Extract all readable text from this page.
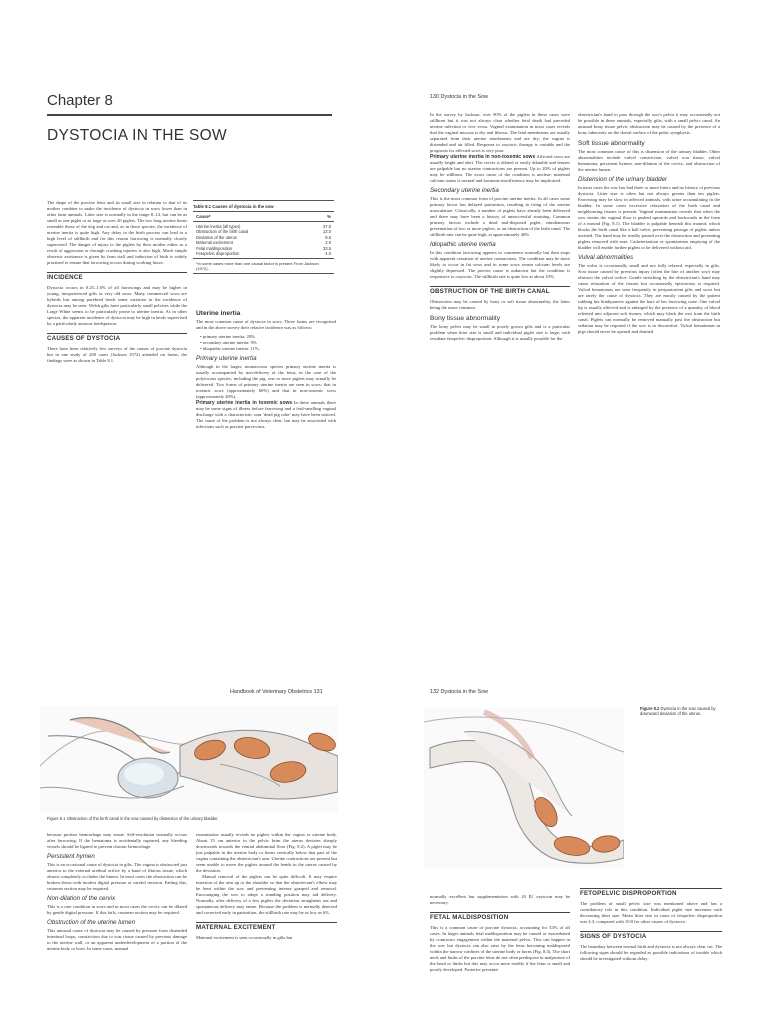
Chapter 8
DYSTOCIA IN THE SOW

The shape of the porcine fetus and its small size in relation to that of its mother combine to make the incidence of dystocia in sows lower than in other farm animals. Litter size is normally in the range 8–14, but can be as small as one piglet or as large as over 20 piglets. The two long uterine horns resemble those of the dog and cat and, as in those species, the incidence of uterine inertia is quite high. Any delay in the birth process can lead to a high level of stillbirth and for this reason farrowing is normally closely supervised. The danger of injury to the piglets by their mother either as a result of aggression or through crushing injuries is also high. Much simple obstetric assistance is given by farm staff and induction of birth is widely practised to ensure that farrowing occurs during working hours.

INCIDENCE

Dystocia occurs in 0.25–1.0% of all farrowings and may be higher in young, inexperienced gilts or very old sows. Many commercial sows are hybrids but among purebred herds some variation in the incidence of dystocia may be seen. Welsh gilts have particularly small pelvises while the Large White seems to be particularly prone to uterine inertia. As in other species, the apparent incidence of dystocia may be high in herds supervised by a particularly anxious herdsperson.

CAUSES OF DYSTOCIA

There have been relatively few surveys of the causes of porcine dystocia but in one study of 200 cases (Jackson 1972) attended on farms, the findings were as shown in Table 8.1.

Table 8.1 Causes of dystocia in the sow
Cause*	%
Uterine inertia (all types)	37.0
Obstruction of the birth canal	13.0
Deviation of the uterus	9.5
Maternal excitement	3.0
Fetal maldisposition	33.5
Fetopelvic disproportion	4.0
*In some cases more than one causal factor is present From Jackson (1972).
Uterine inertia

The most common cause of dystocia in sows. Three forms are recognised and in the above survey their relative incidence was as follows:

• primary uterine inertia: 20%
• secondary uterine inertia: 9%
• idiopathic uterine inertia: 11%.
Primary uterine inertia

Although in the larger, monotocous species primary uterine inertia is usually accompanied by non-delivery of the fetus, in the case of the polytocous species, including the pig, one or more piglets may actually be delivered. Two forms of primary uterine inertia are seen in sows: that in toxemic sows (approximately 60%) and that in non-toxemic sows (approximately 40%).

Primary uterine inertia in toxemic sows In these animals there may be some signs of illness before farrowing and a foul-smelling vaginal discharge with a characteristic sour 'dead pig odor' may have been noticed. The cause of the problem is not always clear, but may be associated with infections such as porcine parvovirus.

130 Dystocia in the Sow

In the survey by Jackson, over 90% of the piglets in these cases were stillborn but it was not always clear whether fetal death had preceded uterine infection or vice versa. Vaginal examination in most cases reveals that the vaginal mucosa is dry and fibrous. The fetal membranes are usually separated from their uterine attachments and are dry; the vagina is distended and air filled. Response to oxytocic therapy is variable and the prognosis for affected sows is very poor.

Primary uterine inertia in non-toxemic sows Affected sows are usually bright and alert. The cervix is dilated or easily dilatable and fetuses are palpable but no uterine contractions are present. Up to 20% of piglets may be stillborn. The exact cause of the condition is unclear: maternal calcium status is normal and hormone insufficiency may be implicated.

Secondary uterine inertia

This is the most common form of porcine uterine inertia. In all cases some primary factor has delayed parturition, resulting in tiring of the uterine musculature. Classically, a number of piglets have already been delivered and there may have been a history of unsuccessful straining. Common primary factors include a dead mal-disposed piglet, simultaneous presentation of two or more piglets, or an obstruction of the birth canal. The stillbirth rate can be quite high, at approximately 40%.

Idiopathic uterine inertia

In this condition farrowing appears to commence normally but then stops with apparent cessation of uterine contractions. The condition may be more likely to occur in fat sows and in some sows serum calcium levels are slightly depressed. The precise cause is unknown but the condition is responsive to oxytocin. The stillbirth rate is quite low at about 10%.

OBSTRUCTION OF THE BIRTH CANAL

Obstruction may be caused by bony or soft tissue abnormality, the latter being the more common.

Bony tissue abnormality

The bony pelvis may be small in poorly grown gilts and is a particular problem when litter size is small and individual piglet size is large, with resultant fetopelvic disproportion. Although it is usually possible for the

obstetrician's hand to pass through the sow's pelvis it may occasionally not be possible in these animals, especially gilts, with a small pelvic canal. An unusual bony tissue pelvic obstruction may be caused by the presence of a bony tuberosity on the dorsal surface of the pubic symphysis.

Soft tissue abnormality

The most common cause of this is distension of the urinary bladder. Other abnormalities include vulval constriction, vulval scar tissue, vulval hematoma, persistent hymen, non-dilation of the cervix, and obstruction of the uterine lumen.

Distension of the urinary bladder

In most cases the sow has had three or more litters and no history of previous dystocia. Litter size is often but not always greater than ten piglets. Farrowing may be slow in affected animals, with urine accumulating in the bladder. In some cases excessive relaxation of the birth canal and neighbouring tissues is present. Vaginal examination reveals that when the sow strains the vaginal floor is pushed upwards and backwards in the form of a mound (Fig. 8.1). The bladder is palpable beneath this mound, which blocks the birth canal like a ball valve, preventing passage of piglets unless assisted. The hand may be readily passed over the obstruction and presenting piglets removed with ease. Catheterization or spontaneous emptying of the bladder will enable further piglets to be delivered without aid.

Vulval abnormalities

The vulva is occasionally small and not fully relaxed, especially in gilts. Scar tissue caused by previous injury (often the bite of another sow) may obstruct the vulval orifice. Gentle stretching by the obstetrician's hand may cause relaxation of the tissues but occasionally episiotomy is required. Vulval hematomas are seen frequently in periparturient gilts and sows but are rarely the cause of dystocia. They are mostly caused by the patient rubbing her hindquarters against the bars of her farrowing crate. One vulval lip is usually affected and is enlarged by the presence of a quantity of blood released into adjacent soft tissues, which may black the exit from the birth canal. Piglets can normally be removed manually past the obstruction but sedation may be required if the sow is in discomfort. Vulval hematomas in pigs should never be opened and drained

Handbook of Veterinary Obstetrics 131
Figure 8.1 Obstruction of the birth canal in the sow caused by distension of the urinary bladder.

because profuse hemorrhage may ensue. Self-resolution normally occurs after farrowing. If the hematoma is accidentally ruptured, any bleeding vessels should be ligated to prevent chronic hemorrhage.

Persistent hymen

This is an occasional cause of dystocia in gilts. The vagina is obstructed just anterior to the external urethral orifice by a band of fibrous tissue, which almost completely occludes the lumen. In most cases the obstruction can be broken down with modest digital pressure or careful incision. Failing this, cesarean section may be required.

Non-dilation of the cervix

This is a rare condition in sows and in most cases the cervix can be dilated by gentle digital pressure. If this fails, cesarean section may be required.

Obstruction of the uterine lumen

This unusual cause of dystocia may be caused by pressure from distended intestinal loops, constriction due to scar tissue caused by previous damage to the uterine wall, or an apparent underdevelopment of a portion of the uterine body or horn. In some cases, manual

examination usually reveals no piglets within the vagina or uterine body. About 15 cm anterior to the pelvic brim the uterus deviates sharply downwards towards the ventral abdominal floor (Fig. 8.2). A piglet may be just palpable in the uterine body or horns vertically below that part of the vagina containing the obstetrician's arm. Uterine contractions are present but seem unable to move the piglets around the bends in the uterus caused by the deviation.

Manual removal of the piglets can be quite difficult. It may require insertion of the arm up to the shoulder so that the obstetrician's elbow may be bent within the sow and preventing intense grasped and removal. Encouraging the sow to adopt a standing position may aid delivery. Normally, after delivery of a few piglets the deviation straightens out and spontaneous delivery may ensue. Because the problem is normally detected and corrected early in parturition, the stillbirth rate may be as low as 6%.

MATERNAL EXCITEMENT

Maternal excitement is seen occasionally in gilts but

132 Dystocia in the Sow
Figure 8.2 Dystocia in the sow caused by downward deviation of the uterus.

normally excellent but supplementation with 20 IU oxytocin may be necessary.

FETAL MALDISPOSITION

This is a common cause of porcine dystocia, accounting for 33% of all cases. In larger animals fetal maldisposition may be caused or exacerbated by contractor engagement within the maternal pelvis. This can happen in the sow but dystocia can also arise by the fetus becoming maldisposed within the narrow confines of the uterine body or horns (Fig. 8.3). The short neck and limbs of the porcine fetus do not often predispose to malposture of the head or limbs but this may occur more readily if the fetus is small and poorly developed. Posterior presenta-

FETOPELVIC DISPROPORTION

The problem of small pelvic size was mentioned above and has a contributory role in this condition. Individual piglet size increases with decreasing litter size. Mean litter size in cases of fetopelvic disproportion was 4.3, compared with 10.8 for other causes of dystocia.

SIGNS OF DYSTOCIA

The boundary between normal birth and dystocia is not always clear cut. The following signs should be regarded as possible indications of trouble which should be investigated without delay:
